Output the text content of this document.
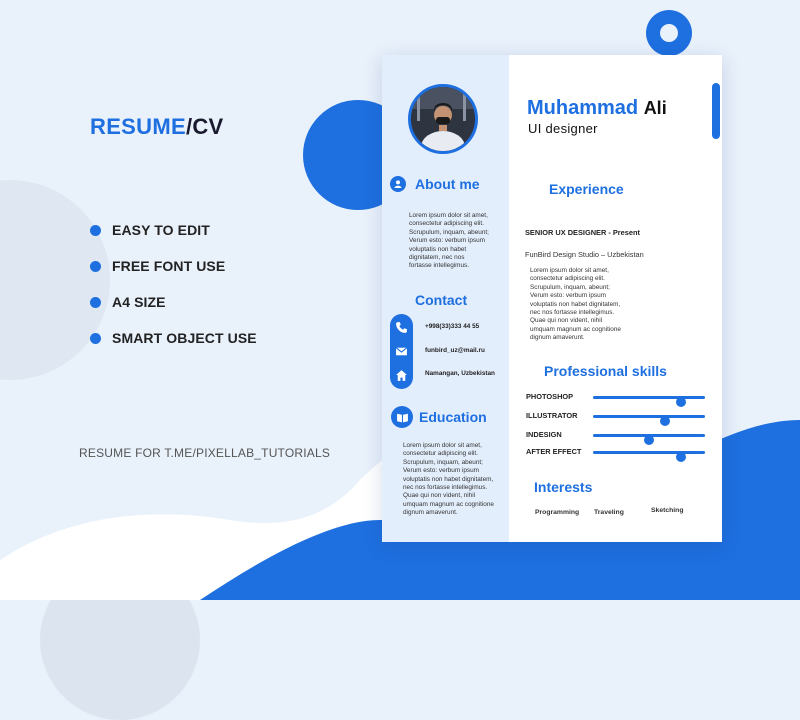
RESUME/CV
EASY TO EDIT
FREE FONT USE
A4 SIZE
SMART OBJECT USE
RESUME FOR T.ME/PIXELLAB_TUTORIALS
About me
Lorem ipsum dolor sit amet,
consectetur adipiscing elit.
Scrupulum, inquam, abeunt;
Verum esto: verbum ipsum
voluptatis non habet
dignitatem, nec nos
fortasse intellegimus.
Contact
+998(33)333 44 55
funbird_uz@mail.ru
Namangan, Uzbekistan
Education
Lorem ipsum dolor sit amet,
consectetur adipiscing elit.
Scrupulum, inquam, abeunt;
Verum esto: verbum ipsum
voluptatis non habet dignitatem,
nec nos fortasse intellegimus.
Quae qui non vident, nihil
umquam magnum ac cognitione
dignum amaverunt.
Muhammad Ali
UI designer
Experience
SENIOR UX DESIGNER - Present
FunBird Design Studio – Uzbekistan
Lorem ipsum dolor sit amet,
consectetur adipiscing elit.
Scrupulum, inquam, abeunt;
Verum esto: verbum ipsum
voluptatis non habet dignitatem,
nec nos fortasse intellegimus.
Quae qui non vident, nihil
umquam magnum ac cognitione
dignum amaverunt.
Professional skills
PHOTOSHOP
ILLUSTRATOR
INDESIGN
AFTER EFFECT
Interests
Programming Traveling	Sketching
